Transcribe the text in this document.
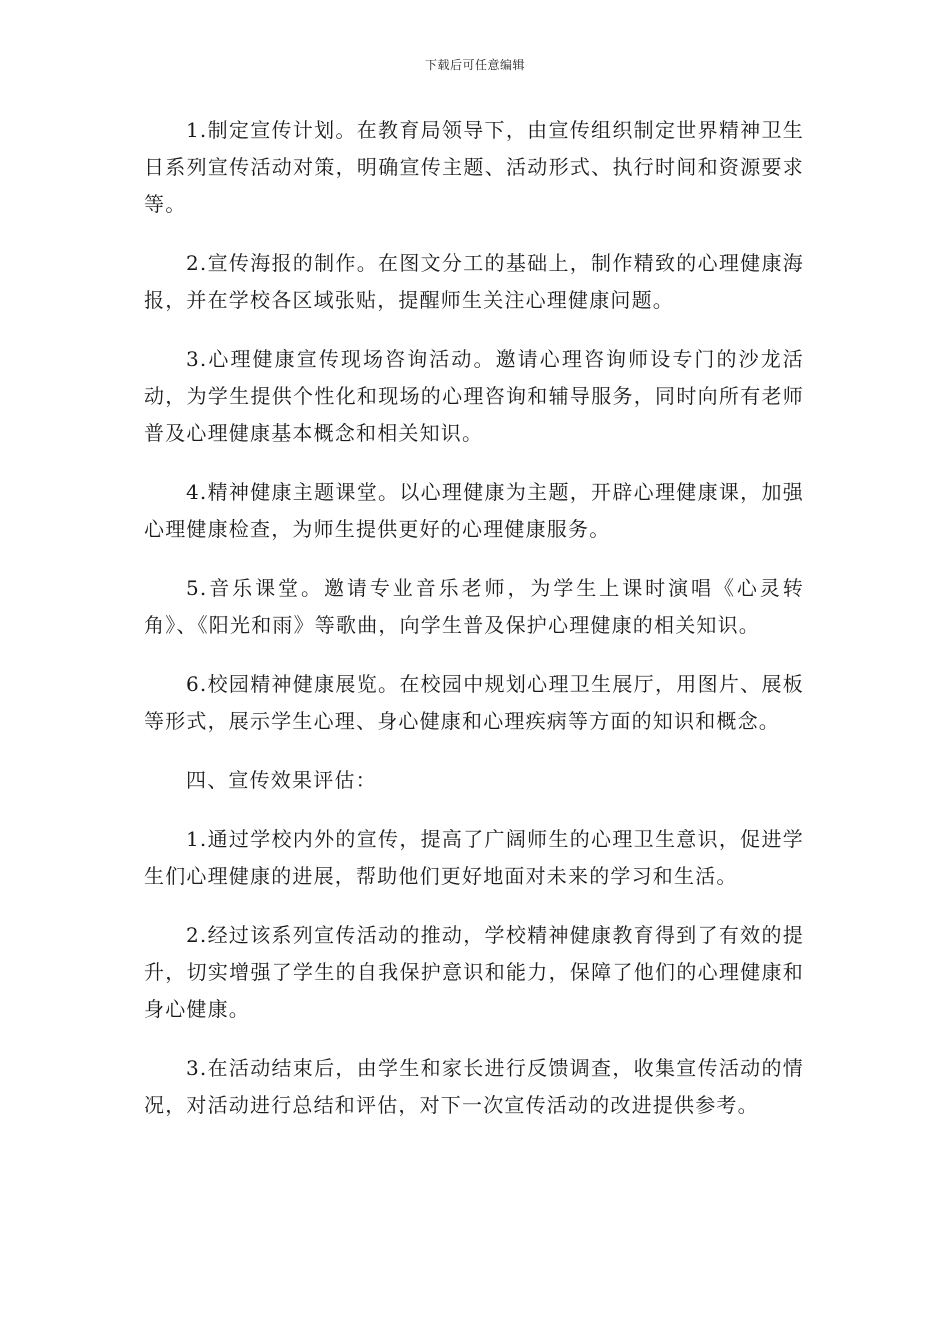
下载后可任意编辑

1.制定宣传计划。在教育局领导下，由宣传组织制定世界精神卫生日系列宣传活动对策，明确宣传主题、活动形式、执行时间和资源要求等。

2.宣传海报的制作。在图文分工的基础上，制作精致的心理健康海报，并在学校各区域张贴，提醒师生关注心理健康问题。

3.心理健康宣传现场咨询活动。邀请心理咨询师设专门的沙龙活动，为学生提供个性化和现场的心理咨询和辅导服务，同时向所有老师普及心理健康基本概念和相关知识。

4.精神健康主题课堂。以心理健康为主题，开辟心理健康课，加强心理健康检查，为师生提供更好的心理健康服务。

5.音乐课堂。邀请专业音乐老师，为学生上课时演唱《心灵转角》、《阳光和雨》等歌曲，向学生普及保护心理健康的相关知识。

6.校园精神健康展览。在校园中规划心理卫生展厅，用图片、展板等形式，展示学生心理、身心健康和心理疾病等方面的知识和概念。

四、宣传效果评估：

1.通过学校内外的宣传，提高了广阔师生的心理卫生意识，促进学生们心理健康的进展，帮助他们更好地面对未来的学习和生活。

2.经过该系列宣传活动的推动，学校精神健康教育得到了有效的提升，切实增强了学生的自我保护意识和能力，保障了他们的心理健康和身心健康。

3.在活动结束后，由学生和家长进行反馈调查，收集宣传活动的情况，对活动进行总结和评估，对下一次宣传活动的改进提供参考。
